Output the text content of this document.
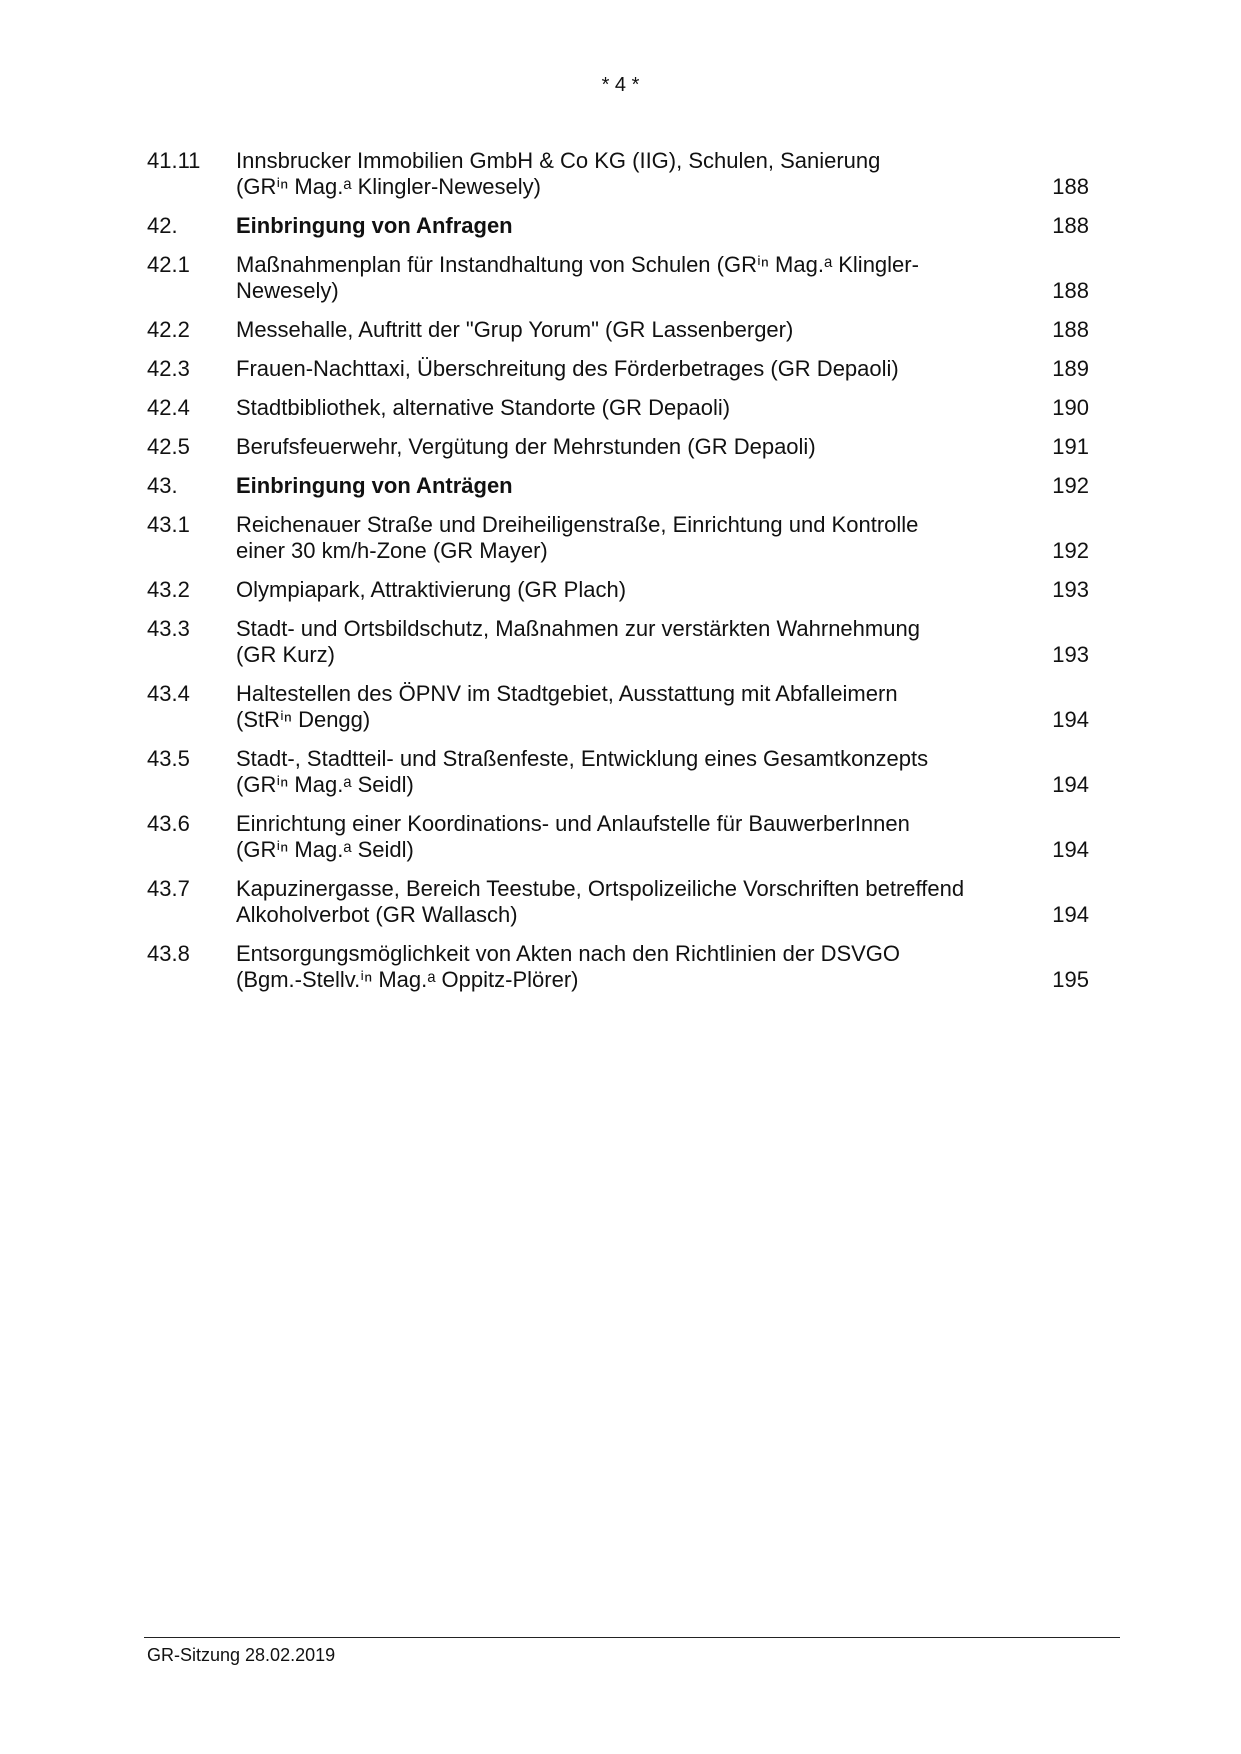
* 4 *

41.11	Innsbrucker Immobilien GmbH & Co KG (IIG), Schulen, Sanierung
(GRⁱⁿ Mag.ᵃ Klingler-Newesely)	188
42.	Einbringung von Anfragen	188
42.1	Maßnahmenplan für Instandhaltung von Schulen (GRⁱⁿ Mag.ᵃ Klingler-
Newesely)	188
42.2	Messehalle, Auftritt der "Grup Yorum" (GR Lassenberger)	188
42.3	Frauen-Nachttaxi, Überschreitung des Förderbetrages (GR Depaoli)	189
42.4	Stadtbibliothek, alternative Standorte (GR Depaoli)	190
42.5	Berufsfeuerwehr, Vergütung der Mehrstunden (GR Depaoli)	191
43.	Einbringung von Anträgen	192
43.1	Reichenauer Straße und Dreiheiligenstraße, Einrichtung und Kontrolle
einer 30 km/h-Zone (GR Mayer)	192
43.2	Olympiapark, Attraktivierung (GR Plach)	193
43.3	Stadt- und Ortsbildschutz, Maßnahmen zur verstärkten Wahrnehmung
(GR Kurz)	193
43.4	Haltestellen des ÖPNV im Stadtgebiet, Ausstattung mit Abfalleimern
(StRⁱⁿ Dengg)	194
43.5	Stadt-, Stadtteil- und Straßenfeste, Entwicklung eines Gesamtkonzepts
(GRⁱⁿ Mag.ᵃ Seidl)	194
43.6	Einrichtung einer Koordinations- und Anlaufstelle für BauwerberInnen
(GRⁱⁿ Mag.ᵃ Seidl)	194
43.7	Kapuzinergasse, Bereich Teestube, Ortspolizeiliche Vorschriften betreffend
Alkoholverbot (GR Wallasch)	194
43.8	Entsorgungsmöglichkeit von Akten nach den Richtlinien der DSVGO
(Bgm.-Stellv.ⁱⁿ Mag.ᵃ Oppitz-Plörer)	195

GR-Sitzung 28.02.2019
